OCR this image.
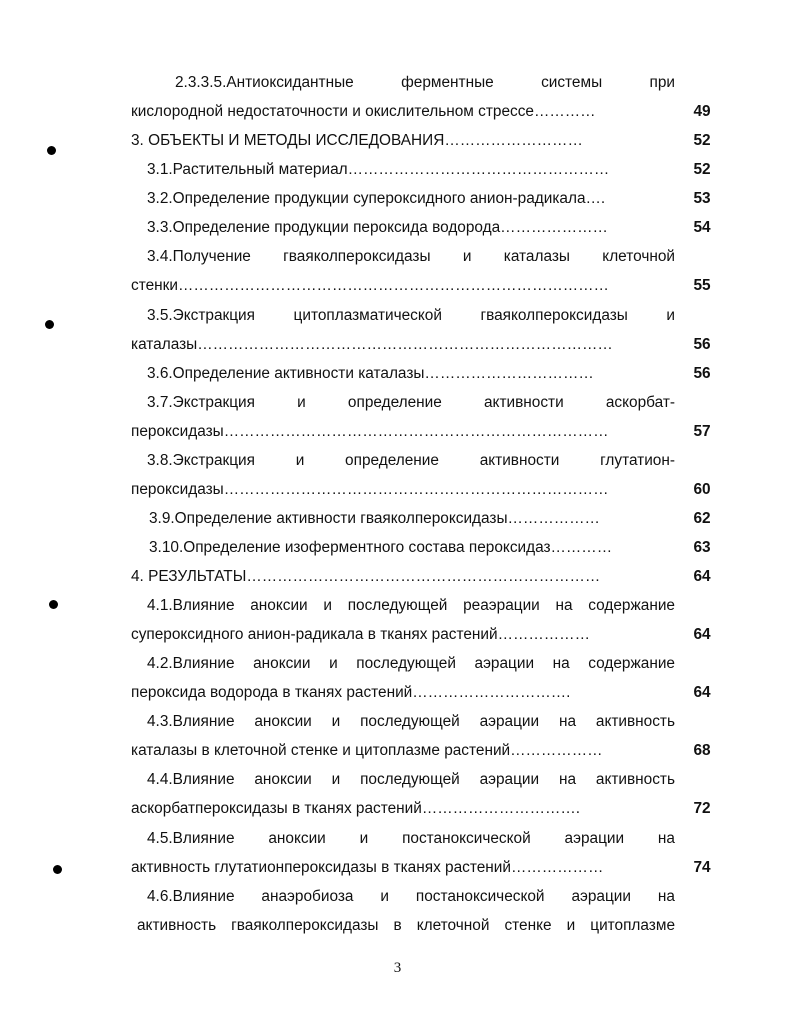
2.3.3.5.Антиоксидантные ферментные системы при
кислородной недостаточности и окислительном стрессе…………	49
3. ОБЪЕКТЫ И МЕТОДЫ ИССЛЕДОВАНИЯ………………………	52
3.1.Растительный материал……………………………………………	52
3.2.Определение продукции супероксидного анион-радикала….	53
3.3.Определение продукции пероксида водорода…………………	54
3.4.Получение гваяколпероксидазы и каталазы клеточной
стенки…………………………………………………………………………	55
3.5.Экстракция цитоплазматической гваяколпероксидазы и
каталазы………………………………………………………………………	56
3.6.Определение активности каталазы……………………………	56
3.7.Экстракция и определение активности аскорбат-
пероксидазы…………………………………………………………………	57
3.8.Экстракция и определение активности глутатион-
пероксидазы…………………………………………………………………	60
3.9.Определение активности гваяколпероксидазы………………	62
3.10.Определение изоферментного состава пероксидаз…………	63
4. РЕЗУЛЬТАТЫ……………………………………………………………	64
4.1.Влияние аноксии и последующей реаэрации на содержание
супероксидного анион-радикала в тканях растений………………	64
4.2.Влияние аноксии и последующей аэрации на содержание
пероксида водорода в тканях растений………………………….	64
4.3.Влияние аноксии и последующей аэрации на активность
каталазы в клеточной стенке и цитоплазме растений………………	68
4.4.Влияние аноксии и последующей аэрации на активность
аскорбатпероксидазы в тканях растений………………………….	72
4.5.Влияние аноксии и постаноксической аэрации на
активность глутатионпероксидазы в тканях растений………………	74
4.6.Влияние анаэробиоза и постаноксической аэрации на
активность гваяколпероксидазы в клеточной стенке и цитоплазме
3
